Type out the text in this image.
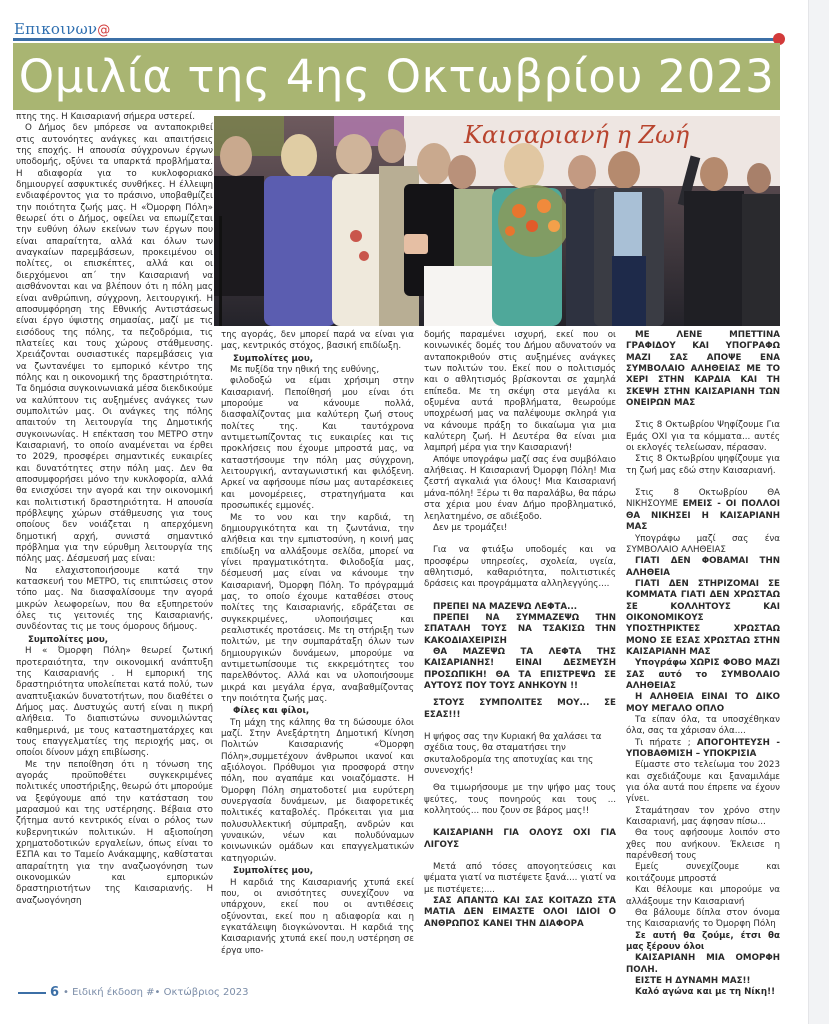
Επικοινων@
Ομιλία της 4ης Οκτωβρίου 2023
Καισαριανή η Ζωή

πτης της. Η Καισαριανή σήμερα υστερεί.

Ο Δήμος δεν μπόρεσε να ανταποκριθεί στις αυτονόητες ανάγκες και απαιτήσεις της εποχής. Η απουσία σύγχρονων έργων υποδομής, οξύνει τα υπαρκτά προβλήματα. Η αδιαφορία για το κυκλοφοριακό δημιουργεί ασφυκτικές συνθήκες. Η έλλειψη ενδιαφέροντος για το πράσινο, υποβαθμίζει την ποιότητα ζωής μας. Η «Όμορφη Πόλη» θεωρεί ότι ο Δήμος, οφείλει να επωμίζεται την ευθύνη όλων εκείνων των έργων που είναι απαραίτητα, αλλά και όλων των αναγκαίων παρεμβάσεων, προκειμένου οι πολίτες, οι επισκέπτες, αλλά και οι διερχόμενοι απ΄ την Καισαριανή να αισθάνονται και να βλέπουν ότι η πόλη μας είναι ανθρώπινη, σύγχρονη, λειτουργική. Η αποσυμφόρηση της Εθνικής Αντιστάσεως είναι έργο ύψιστης σημασίας, μαζί με τις εισόδους της πόλης, τα πεζοδρόμια, τις πλατείες και τους χώρους στάθμευσης. Χρειάζονται ουσιαστικές παρεμβάσεις για να ζωντανέψει το εμπορικό κέντρο της πόλης και η οικονομική της δραστηριότητα. Τα δημόσια συγκοινωνιακά μέσα διεκδικούμε να καλύπτουν τις αυξημένες ανάγκες των συμπολιτών μας. Οι ανάγκες της πόλης απαιτούν τη λειτουργία της Δημοτικής συγκοινωνίας. Η επέκταση του ΜΕΤΡΟ στην Καισαριανή, το οποίο αναμένεται να έρθει το 2029, προσφέρει σημαντικές ευκαιρίες και δυνατότητες στην πόλη μας. Δεν θα αποσυμφορήσει μόνο την κυκλοφορία, αλλά θα ενισχύσει την αγορά και την οικονομική και πολιτιστική δραστηριότητα. Η απουσία πρόβλεψης χώρων στάθμευσης για τους οποίους δεν νοιάζεται η απερχόμενη δημοτική αρχή, συνιστά σημαντικό πρόβλημα για την εύρυθμη λειτουργία της πόλης μας. Δέσμευσή μας είναι:

Να ελαχιστοποιήσουμε κατά την κατασκευή του ΜΕΤΡΟ, τις επιπτώσεις στον τόπο μας. Να διασφαλίσουμε την αγορά μικρών λεωφορείων, που θα εξυπηρετούν όλες τις γειτονιές της Καισαριανής, συνδέοντας τις με τους όμορους δήμους.

Συμπολίτες μου,

Η « Όμορφη Πόλη» θεωρεί ζωτική προτεραιότητα, την οικονομική ανάπτυξη της Καισαριανής . Η εμπορική της δραστηριότητα υπολείπεται κατά πολύ, των αναπτυξιακών δυνατοτήτων, που διαθέτει ο Δήμος μας. Δυστυχώς αυτή είναι η πικρή αλήθεια. Το διαπιστώνω συνομιλώντας καθημερινά, με τους καταστηματάρχες και τους επαγγελματίες της περιοχής μας, οι οποίοι δίνουν μάχη επιβίωσης.

Με την πεποίθηση ότι η τόνωση της αγοράς προϋποθέτει συγκεκριμένες πολιτικές υποστήριξης, θεωρώ ότι μπορούμε να ξεφύγουμε από την κατάσταση του μαρασμού και της υστέρησης. Βέβαια στο ζήτημα αυτό κεντρικός είναι ο ρόλος των κυβερνητικών πολιτικών. Η αξιοποίηση χρηματοδοτικών εργαλείων, όπως είναι το ΕΣΠΑ και το Ταμείο Ανάκαμψης, καθίσταται απαραίτητη για την αναζωογόνηση των οικονομικών και εμπορικών δραστηριοτήτων της Καισαριανής. Η αναζωογόνηση

της αγοράς, δεν μπορεί παρά να είναι για μας, κεντρικός στόχος, βασική επιδίωξη.

Συμπολίτες μου,

Με πυξίδα την ηθική της ευθύνης,

φιλοδοξώ να είμαι χρήσιμη στην Καισαριανή. Πεποίθησή μου είναι ότι μπορούμε να κάνουμε πολλά, διασφαλίζοντας μια καλύτερη ζωή στους πολίτες της. Και ταυτόχρονα αντιμετωπίζοντας τις ευκαιρίες και τις προκλήσεις που έχουμε μπροστά μας, να καταστήσουμε την πόλη μας σύγχρονη, λειτουργική, ανταγωνιστική και φιλόξενη. Αρκεί να αφήσουμε πίσω μας αυταρέσκειες και μονομέρειες, στρατηγήματα και προσωπικές εμμονές.

Με το νου και την καρδιά, τη δημιουργικότητα και τη ζωντάνια, την αλήθεια και την εμπιστοσύνη, η κοινή μας επιδίωξη να αλλάξουμε σελίδα, μπορεί να γίνει πραγματικότητα. Φιλοδοξία μας, δέσμευσή μας είναι να κάνουμε την Καισαριανή, Όμορφη Πόλη. Το πρόγραμμά μας, το οποίο έχουμε καταθέσει στους πολίτες της Καισαριανής, εδράζεται σε συγκεκριμένες, υλοποιήσιμες και ρεαλιστικές προτάσεις. Με τη στήριξη των πολιτών, με την συμπαράταξη όλων των δημιουργικών δυνάμεων, μπορούμε να αντιμετωπίσουμε τις εκκρεμότητες του παρελθόντος. Αλλά και να υλοποιήσουμε μικρά και μεγάλα έργα, αναβαθμίζοντας την ποιότητα ζωής μας.

Φίλες και φίλοι,

Τη μάχη της κάλπης θα τη δώσουμε όλοι μαζί. Στην Ανεξάρτητη Δημοτική Κίνηση Πολιτών Καισαριανής «Όμορφη Πόλη»,συμμετέχουν άνθρωποι ικανοί και αξιόλογοι. Πρόθυμοι για προσφορά στην πόλη, που αγαπάμε και νοιαζόμαστε. Η Όμορφη Πόλη σηματοδοτεί μια ευρύτερη συνεργασία δυνάμεων, με διαφορετικές πολιτικές καταβολές. Πρόκειται για μια πολυσυλλεκτική σύμπραξη, ανδρών και γυναικών, νέων και πολυδύναμων κοινωνικών ομάδων και επαγγελματικών κατηγοριών.

Συμπολίτες μου,

Η καρδιά της Καισαριανής χτυπά εκεί που, οι ανισότητες συνεχίζουν να υπάρχουν, εκεί που οι αντιθέσεις οξύνονται, εκεί που η αδιαφορία και η εγκατάλειψη διογκώνονται. Η καρδιά της Καισαριανής χτυπά εκεί που,η υστέρηση σε έργα υπο-

δομής παραμένει ισχυρή, εκεί που οι κοινωνικές δομές του Δήμου αδυνατούν να ανταποκριθούν στις αυξημένες ανάγκες των πολιτών του. Εκεί που ο πολιτισμός και ο αθλητισμός βρίσκονται σε χαμηλά επίπεδα. Με τη σκέψη στα μεγάλα κι οξυμένα αυτά προβλήματα, θεωρούμε υποχρέωσή μας να παλέψουμε σκληρά για να κάνουμε πράξη το δικαίωμα για μια καλύτερη ζωή. Η Δευτέρα θα είναι μια λαμπρή μέρα για την Καισαριανή!

Απόψε υπογράφω μαζί σας ένα συμβόλαιο αλήθειας. Η Καισαριανή Όμορφη Πόλη! Μια ζεστή αγκαλιά για όλους! Μια Καισαριανή μάνα-πόλη! Ξέρω τι θα παραλάβω, θα πάρω στα χέρια μου έναν Δήμο προβληματικό, λεηλατημένο, σε αδιέξοδο.

Δεν με τρομάζει!

Για να φτιάξω υποδομές και να προσφέρω υπηρεσίες, σχολεία, υγεία, αθλητισμό, καθαριότητα, πολιτιστικές δράσεις και προγράμματα αλληλεγγύης....

ΠΡΕΠΕΙ ΝΑ ΜΑΖΕΨΩ ΛΕΦΤΑ...

ΠΡΕΠΕΙ ΝΑ ΣΥΜΜΑΖΕΨΩ ΤΗΝ ΣΠΑΤΑΛΗ ΤΟΥΣ ΝΑ ΤΣΑΚΙΣΩ ΤΗΝ ΚΑΚΟΔΙΑΧΕΙΡΙΣΗ

ΘΑ ΜΑΖΕΨΩ ΤΑ ΛΕΦΤΑ ΤΗΣ ΚΑΙΣΑΡΙΑΝΗΣ! ΕΙΝΑΙ ΔΕΣΜΕΥΣΗ ΠΡΟΣΩΠΙΚΗ! ΘΑ ΤΑ ΕΠΙΣΤΡΕΨΩ ΣΕ ΑΥΤΟΥΣ ΠΟΥ ΤΟΥΣ ΑΝΗΚΟΥΝ !!

ΣΤΟΥΣ ΣΥΜΠΟΛΙΤΕΣ ΜΟΥ... ΣΕ ΕΣΑΣ!!!

Η ψήφος σας την Κυριακή θα χαλάσει τα σχέδια τους, θα σταματήσει την σκυταλοδρομία της αποτυχίας και της συνενοχής!

Θα τιμωρήσουμε με την ψήφο μας τους ψεύτες, τους πονηρούς και τους ... κολλητούς... που ζουν σε βάρος μας!!

ΚΑΙΣΑΡΙΑΝΗ ΓΙΑ ΟΛΟΥΣ ΟΧΙ ΓΙΑ ΛΙΓΟΥΣ

Μετά από τόσες απογοητεύσεις και ψέματα γιατί να πιστέψετε ξανά.... γιατί να με πιστέψετε;....

ΣΑΣ ΑΠΑΝΤΩ ΚΑΙ ΣΑΣ ΚΟΙΤΑΖΩ ΣΤΑ ΜΑΤΙΑ ΔΕΝ ΕΙΜΑΣΤΕ ΟΛΟΙ ΙΔΙΟΙ Ο ΑΝΘΡΩΠΟΣ ΚΑΝΕΙ ΤΗΝ ΔΙΑΦΟΡΑ

ΜΕ ΛΕΝΕ ΜΠΕΤΤΙΝΑ ΓΡΑΦΙΔΟΥ ΚΑΙ ΥΠΟΓΡΑΦΩ ΜΑΖΙ ΣΑΣ ΑΠΟΨΕ ΕΝΑ ΣΥΜΒΟΛΑΙΟ ΑΛΗΘΕΙΑΣ ΜΕ ΤΟ ΧΕΡΙ ΣΤΗΝ ΚΑΡΔΙΑ ΚΑΙ ΤΗ ΣΚΕΨΗ ΣΤΗΝ ΚΑΙΣΑΡΙΑΝΗ ΤΩΝ ΟΝΕΙΡΩΝ ΜΑΣ

Στις 8 Οκτωβρίου Ψηφίζουμε Για Εμάς ΟΧΙ για τα κόμματα... αυτές οι εκλογές τελείωσαν, πέρασαν.

Στις 8 Οκτωβρίου ψηφίζουμε για τη ζωή μας εδώ στην Καισαριανή.

Στις 8 Οκτωβρίου ΘΑ ΝΙΚΗΣΟΥΜΕ ΕΜΕΙΣ - ΟΙ ΠΟΛΛΟΙ ΘΑ ΝΙΚΗΣΕΙ Η ΚΑΙΣΑΡΙΑΝΗ ΜΑΣ

Υπογράφω μαζί σας ένα ΣΥΜΒΟΛΑΙΟ ΑΛΗΘΕΙΑΣ

ΓΙΑΤΙ ΔΕΝ ΦΟΒΑΜΑΙ ΤΗΝ ΑΛΗΘΕΙΑ

ΓΙΑΤΙ ΔΕΝ ΣΤΗΡΙΖΟΜΑΙ ΣΕ ΚΟΜΜΑΤΑ ΓΙΑΤΙ ΔΕΝ ΧΡΩΣΤΑΩ ΣΕ ΚΟΛΛΗΤΟΥΣ ΚΑΙ ΟΙΚΟΝΟΜΙΚΟΥΣ ΥΠΟΣΤΗΡΙΚΤΕΣ ΧΡΩΣΤΑΩ ΜΟΝΟ ΣΕ ΕΣΑΣ ΧΡΩΣΤΑΩ ΣΤΗΝ ΚΑΙΣΑΡΙΑΝΗ ΜΑΣ

Υπογράφω ΧΩΡΙΣ ΦΟΒΟ ΜΑΖΙ ΣΑΣ αυτό το ΣΥΜΒΟΛΑΙΟ ΑΛΗΘΕΙΑΣ

Η ΑΛΗΘΕΙΑ ΕΙΝΑΙ ΤΟ ΔΙΚΟ ΜΟΥ ΜΕΓΑΛΟ ΟΠΛΟ

Τα είπαν όλα, τα υποσχέθηκαν όλα, σας τα χάρισαν όλα....

Τι πήρατε ; ΑΠΟΓΟΗΤΕΥΣΗ - ΥΠΟΒΑΘΜΙΣΗ – ΥΠΟΚΡΙΣΙΑ

Είμαστε στο τελείωμα του 2023 και σχεδιάζουμε και ξαναμιλάμε για όλα αυτά που έπρεπε να έχουν γίνει.

Σταμάτησαν τον χρόνο στην Καισαριανή, μας άφησαν πίσω...

Θα τους αφήσουμε λοιπόν στο χθες που ανήκουν. Έκλεισε η παρένθεσή τους

Εμείς συνεχίζουμε και κοιτάζουμε μπροστά

Και θέλουμε και μπορούμε να αλλάξουμε την Καισαριανή

Θα βάλουμε δίπλα στον όνομα της Καισαριανής το Όμορφη Πόλη

Σε αυτή θα ζούμε, έτσι θα μας ξέρουν όλοι

ΚΑΙΣΑΡΙΑΝΗ ΜΙΑ ΟΜΟΡΦΗ ΠΟΛΗ.

ΕΙΣΤΕ Η ΔΥΝΑΜΗ ΜΑΣ!!

Καλό αγώνα και με τη Νίκη!!

6 • Ειδική έκδοση #• Οκτώβριος 2023
